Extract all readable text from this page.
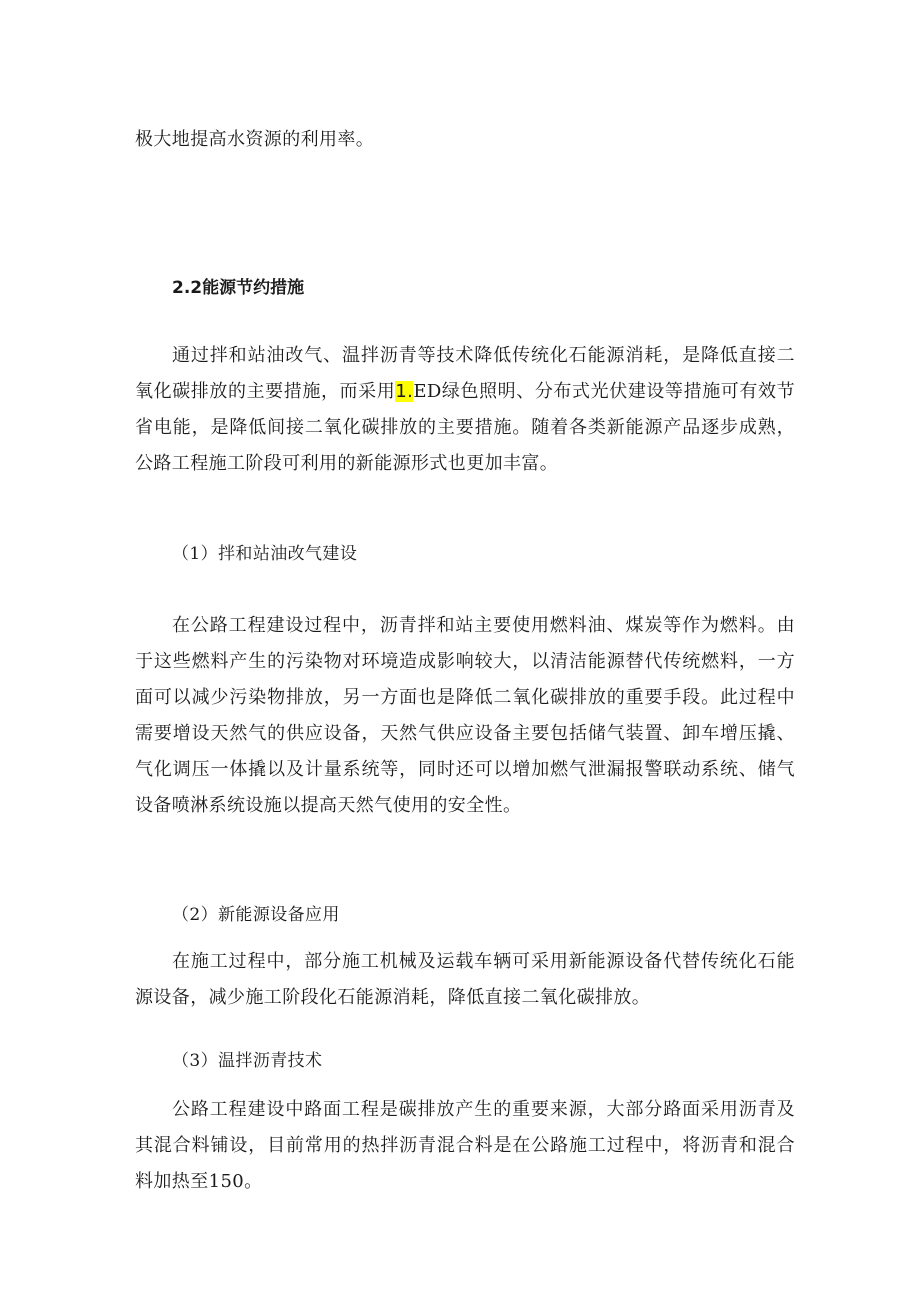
极大地提高水资源的利用率。

2.2能源节约措施

通过拌和站油改气、温拌沥青等技术降低传统化石能源消耗，是降低直接二氧化碳排放的主要措施，而采用1.ED绿色照明、分布式光伏建设等措施可有效节省电能，是降低间接二氧化碳排放的主要措施。随着各类新能源产品逐步成熟，公路工程施工阶段可利用的新能源形式也更加丰富。

（1）拌和站油改气建设

在公路工程建设过程中，沥青拌和站主要使用燃料油、煤炭等作为燃料。由于这些燃料产生的污染物对环境造成影响较大，以清洁能源替代传统燃料，一方面可以减少污染物排放，另一方面也是降低二氧化碳排放的重要手段。此过程中需要增设天然气的供应设备，天然气供应设备主要包括储气装置、卸车增压撬、气化调压一体撬以及计量系统等，同时还可以增加燃气泄漏报警联动系统、储气设备喷淋系统设施以提高天然气使用的安全性。

（2）新能源设备应用

在施工过程中，部分施工机械及运载车辆可采用新能源设备代替传统化石能源设备，减少施工阶段化石能源消耗，降低直接二氧化碳排放。

（3）温拌沥青技术

公路工程建设中路面工程是碳排放产生的重要来源，大部分路面采用沥青及其混合料铺设，目前常用的热拌沥青混合料是在公路施工过程中，将沥青和混合料加热至150。
